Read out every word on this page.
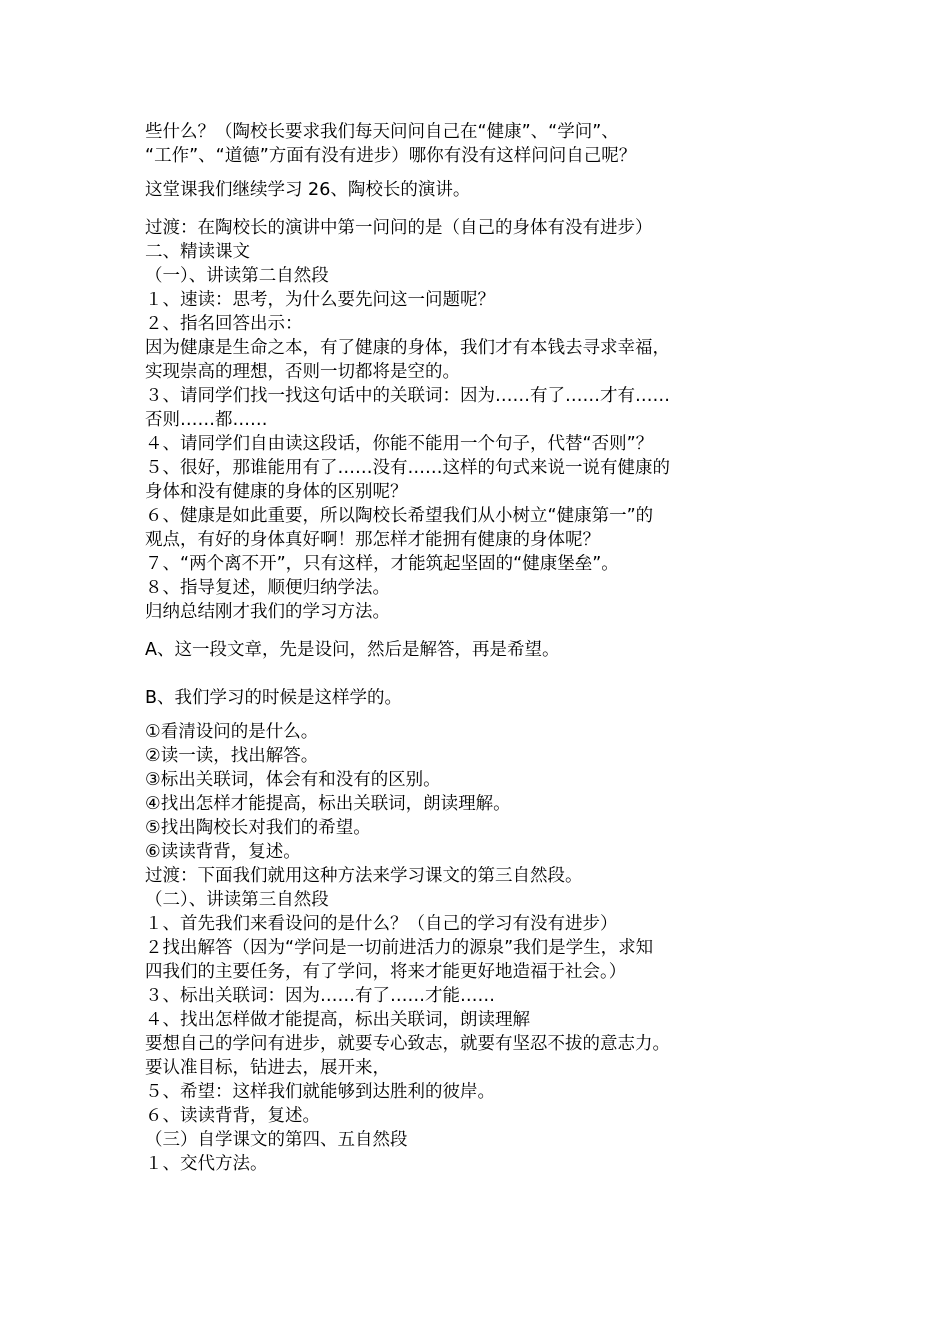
些什么？（陶校长要求我们每天问问自己在“健康”、“学问”、
“工作”、“道德”方面有没有进步）哪你有没有这样问问自己呢？
这堂课我们继续学习 26、陶校长的演讲。
过渡：在陶校长的演讲中第一问问的是（自己的身体有没有进步）
二、精读课文
（一）、讲读第二自然段
１、速读：思考，为什么要先问这一问题呢？
２、指名回答出示：
因为健康是生命之本，有了健康的身体，我们才有本钱去寻求幸福，
实现崇高的理想，否则一切都将是空的。
３、请同学们找一找这句话中的关联词：因为……有了……才有……
否则……都……
４、请同学们自由读这段话，你能不能用一个句子，代替“否则”？
５、很好，那谁能用有了……没有……这样的句式来说一说有健康的
身体和没有健康的身体的区别呢？
６、健康是如此重要，所以陶校长希望我们从小树立“健康第一”的
观点，有好的身体真好啊！那怎样才能拥有健康的身体呢？
７、“两个离不开”，只有这样，才能筑起坚固的“健康堡垒”。
８、指导复述，顺便归纳学法。
归纳总结刚才我们的学习方法。
A、这一段文章，先是设问，然后是解答，再是希望。
B、我们学习的时候是这样学的。
①看清设问的是什么。
②读一读，找出解答。
③标出关联词，体会有和没有的区别。
④找出怎样才能提高，标出关联词，朗读理解。
⑤找出陶校长对我们的希望。
⑥读读背背，复述。
过渡：下面我们就用这种方法来学习课文的第三自然段。
（二）、讲读第三自然段
１、首先我们来看设问的是什么？（自己的学习有没有进步）
２找出解答（因为“学问是一切前进活力的源泉”我们是学生，求知
四我们的主要任务，有了学问，将来才能更好地造福于社会。）
３、标出关联词：因为……有了……才能……
４、找出怎样做才能提高，标出关联词，朗读理解
要想自己的学问有进步，就要专心致志，就要有坚忍不拔的意志力。
要认准目标，钻进去，展开来，
５、希望：这样我们就能够到达胜利的彼岸。
６、读读背背，复述。
（三）自学课文的第四、五自然段
１、交代方法。
